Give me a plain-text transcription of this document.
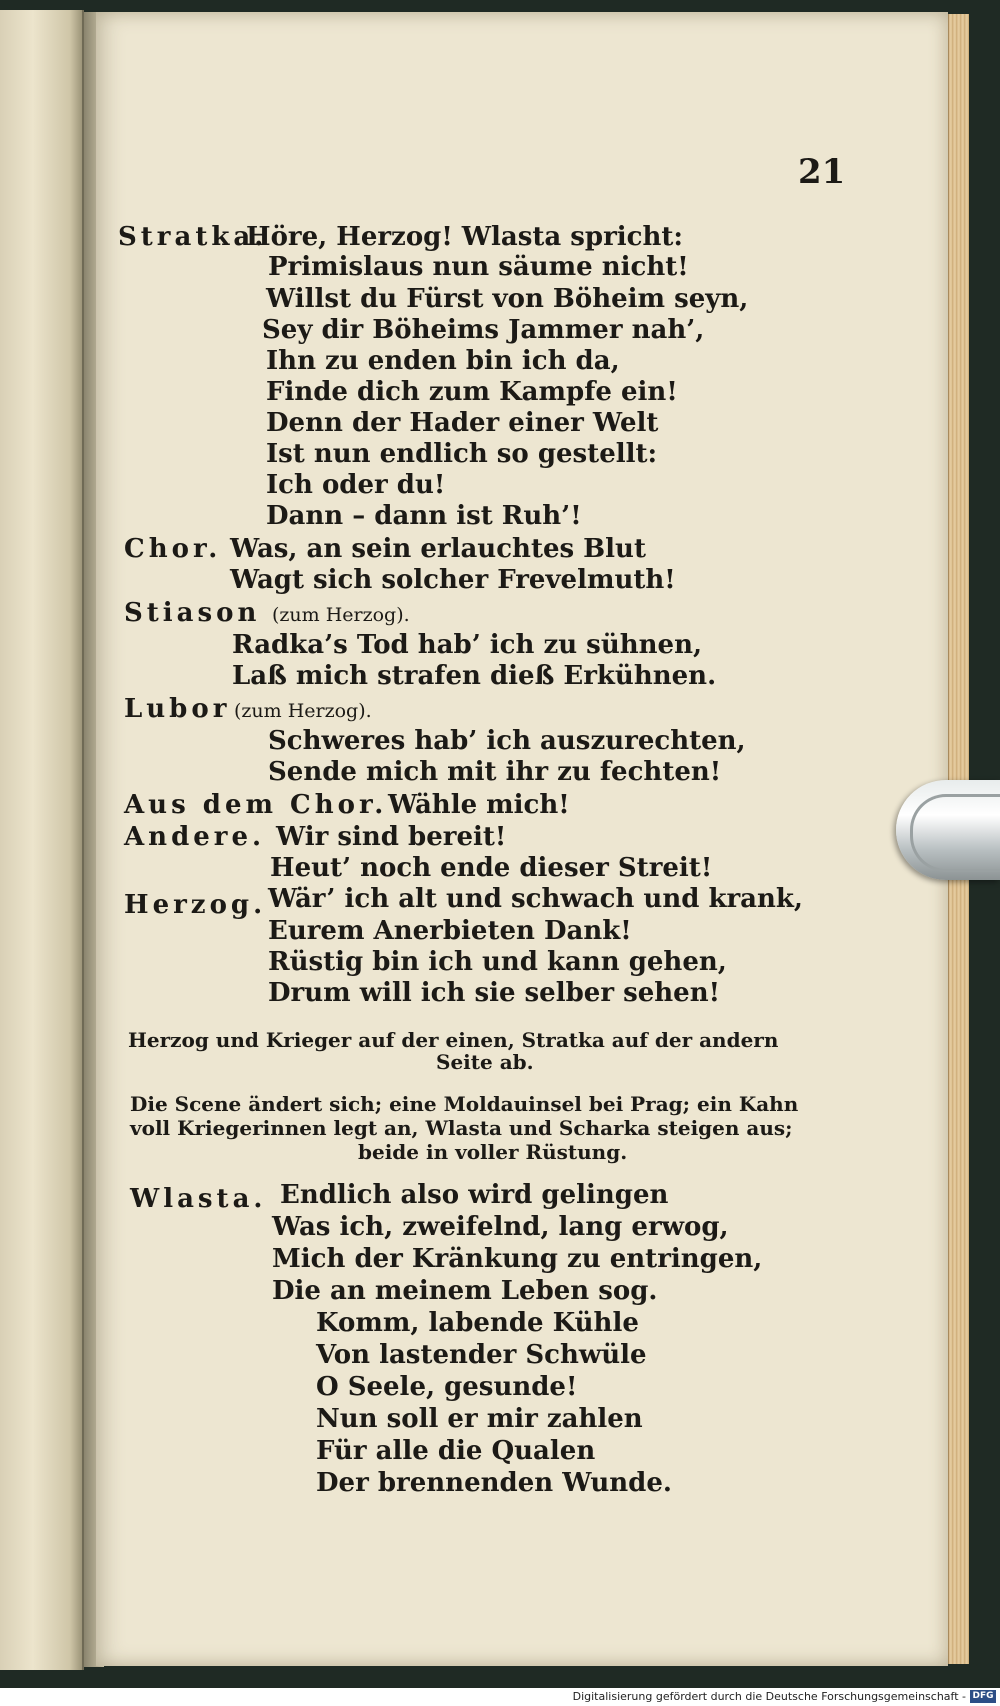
21
Stratka.
Höre, Herzog! Wlasta spricht:
Primislaus nun säume nicht!
Willst du Fürst von Böheim seyn,
Sey dir Böheims Jammer nah’,
Ihn zu enden bin ich da,
Finde dich zum Kampfe ein!
Denn der Hader einer Welt
Ist nun endlich so gestellt:
Ich oder du!
Dann – dann ist Ruh’!
Chor. Was, an sein erlauchtes Blut
Wagt sich solcher Frevelmuth!
Stiason (zum Herzog).
Radka’s Tod hab’ ich zu sühnen,
Laß mich strafen dieß Erkühnen.
Lubor (zum Herzog).
Schweres hab’ ich auszurechten,
Sende mich mit ihr zu fechten!
Aus dem Chor. Wähle mich!
Andere. Wir sind bereit!
Heut’ noch ende dieser Streit!
Herzog. Wär’ ich alt und schwach und krank,
Eurem Anerbieten Dank!
Rüstig bin ich und kann gehen,
Drum will ich sie selber sehen!
Herzog und Krieger auf der einen, Stratka auf der andern
Seite ab.
Die Scene ändert sich; eine Moldauinsel bei Prag; ein Kahn
voll Kriegerinnen legt an, Wlasta und Scharka steigen aus;
beide in voller Rüstung.
Wlasta. Endlich also wird gelingen
Was ich, zweifelnd, lang erwog,
Mich der Kränkung zu entringen,
Die an meinem Leben sog.
Komm, labende Kühle
Von lastender Schwüle
O Seele, gesunde!
Nun soll er mir zahlen
Für alle die Qualen
Der brennenden Wunde.
Digitalisierung gefördert durch die Deutsche Forschungsgemeinschaft - DFG
